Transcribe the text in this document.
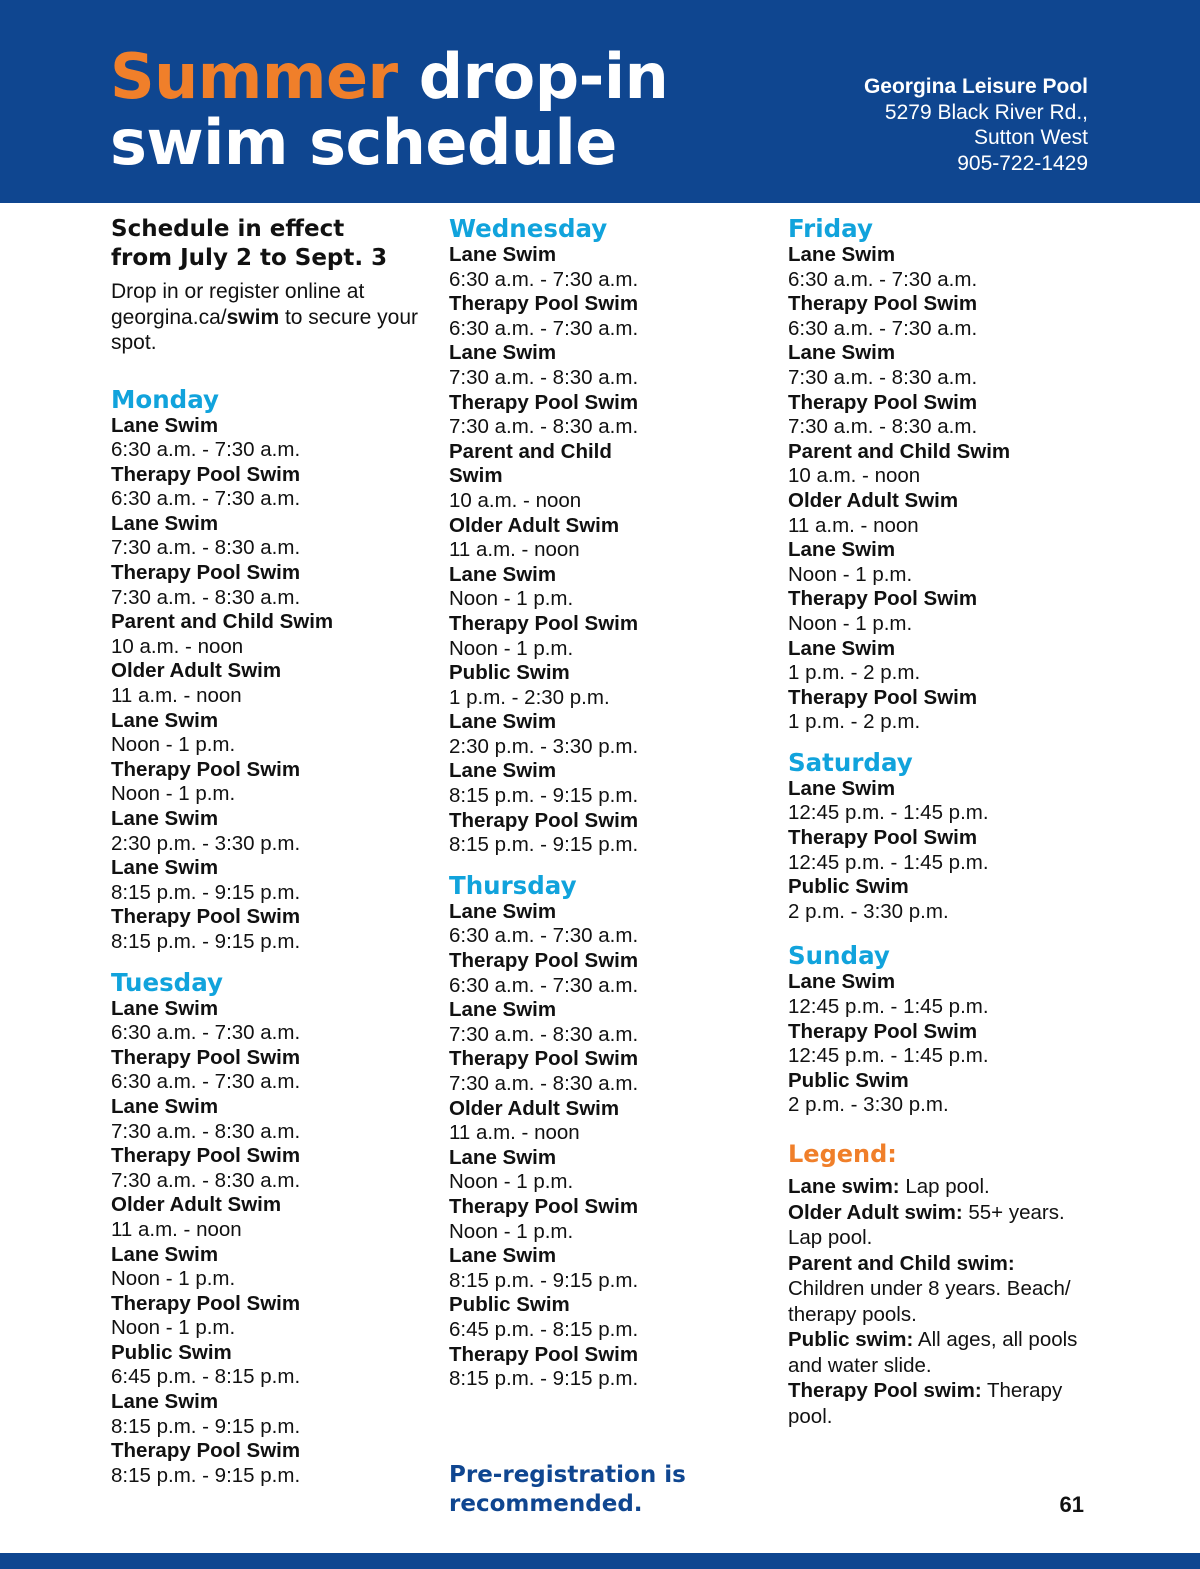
Summer drop-in
swim schedule
Georgina Leisure Pool
5279 Black River Rd.,
Sutton West
905-722-1429
Schedule in effect
from July 2 to Sept. 3

Drop in or register online at georgina.ca/swim to secure your spot.

Monday
Lane Swim
6:30 a.m. - 7:30 a.m.
Therapy Pool Swim
6:30 a.m. - 7:30 a.m.
Lane Swim
7:30 a.m. - 8:30 a.m.
Therapy Pool Swim
7:30 a.m. - 8:30 a.m.
Parent and Child Swim
10 a.m. - noon
Older Adult Swim
11 a.m. - noon
Lane Swim
Noon - 1 p.m.
Therapy Pool Swim
Noon - 1 p.m.
Lane Swim
2:30 p.m. - 3:30 p.m.
Lane Swim
8:15 p.m. - 9:15 p.m.
Therapy Pool Swim
8:15 p.m. - 9:15 p.m.
Tuesday
Lane Swim
6:30 a.m. - 7:30 a.m.
Therapy Pool Swim
6:30 a.m. - 7:30 a.m.
Lane Swim
7:30 a.m. - 8:30 a.m.
Therapy Pool Swim
7:30 a.m. - 8:30 a.m.
Older Adult Swim
11 a.m. - noon
Lane Swim
Noon - 1 p.m.
Therapy Pool Swim
Noon - 1 p.m.
Public Swim
6:45 p.m. - 8:15 p.m.
Lane Swim
8:15 p.m. - 9:15 p.m.
Therapy Pool Swim
8:15 p.m. - 9:15 p.m.
Wednesday
Lane Swim
6:30 a.m. - 7:30 a.m.
Therapy Pool Swim
6:30 a.m. - 7:30 a.m.
Lane Swim
7:30 a.m. - 8:30 a.m.
Therapy Pool Swim
7:30 a.m. - 8:30 a.m.
Parent and Child Swim
10 a.m. - noon
Older Adult Swim
11 a.m. - noon
Lane Swim
Noon - 1 p.m.
Therapy Pool Swim
Noon - 1 p.m.
Public Swim
1 p.m. - 2:30 p.m.
Lane Swim
2:30 p.m. - 3:30 p.m.
Lane Swim
8:15 p.m. - 9:15 p.m.
Therapy Pool Swim
8:15 p.m. - 9:15 p.m.
Thursday
Lane Swim
6:30 a.m. - 7:30 a.m.
Therapy Pool Swim
6:30 a.m. - 7:30 a.m.
Lane Swim
7:30 a.m. - 8:30 a.m.
Therapy Pool Swim
7:30 a.m. - 8:30 a.m.
Older Adult Swim
11 a.m. - noon
Lane Swim
Noon - 1 p.m.
Therapy Pool Swim
Noon - 1 p.m.
Lane Swim
8:15 p.m. - 9:15 p.m.
Public Swim
6:45 p.m. - 8:15 p.m.
Therapy Pool Swim
8:15 p.m. - 9:15 p.m.
Friday
Lane Swim
6:30 a.m. - 7:30 a.m.
Therapy Pool Swim
6:30 a.m. - 7:30 a.m.
Lane Swim
7:30 a.m. - 8:30 a.m.
Therapy Pool Swim
7:30 a.m. - 8:30 a.m.
Parent and Child Swim
10 a.m. - noon
Older Adult Swim
11 a.m. - noon
Lane Swim
Noon - 1 p.m.
Therapy Pool Swim
Noon - 1 p.m.
Lane Swim
1 p.m. - 2 p.m.
Therapy Pool Swim
1 p.m. - 2 p.m.
Saturday
Lane Swim
12:45 p.m. - 1:45 p.m.
Therapy Pool Swim
12:45 p.m. - 1:45 p.m.
Public Swim
2 p.m. - 3:30 p.m.
Sunday
Lane Swim
12:45 p.m. - 1:45 p.m.
Therapy Pool Swim
12:45 p.m. - 1:45 p.m.
Public Swim
2 p.m. - 3:30 p.m.
Legend:

Lane swim: Lap pool.

Older Adult swim: 55+ years. Lap pool.

Parent and Child swim: Children under 8 years. Beach/ therapy pools.

Public swim: All ages, all pools and water slide.

Therapy Pool swim: Therapy pool.

Pre-registration is
recommended.	61
